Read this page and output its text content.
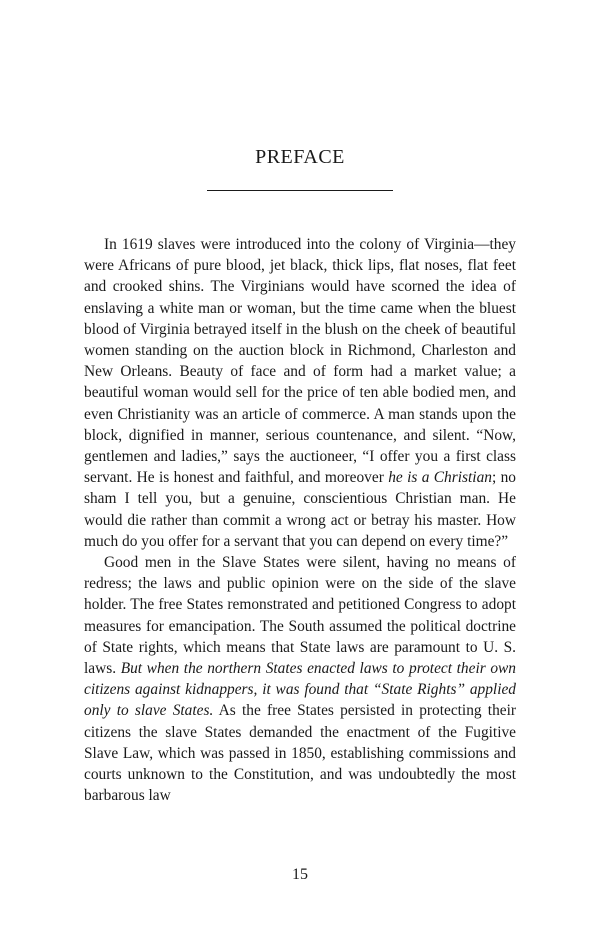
PREFACE

In 1619 slaves were introduced into the colony of Virginia—they were Africans of pure blood, jet black, thick lips, flat noses, flat feet and crooked shins. The Virginians would have scorned the idea of enslaving a white man or woman, but the time came when the bluest blood of Virginia betrayed itself in the blush on the cheek of beautiful women standing on the auction block in Richmond, Charleston and New Orleans. Beauty of face and of form had a market value; a beautiful woman would sell for the price of ten able bodied men, and even Christianity was an article of commerce. A man stands upon the block, dignified in manner, serious countenance, and silent. “Now, gentlemen and ladies,” says the auctioneer, “I offer you a first class servant. He is honest and faithful, and moreover he is a Christian; no sham I tell you, but a genuine, conscientious Christian man. He would die rather than commit a wrong act or betray his master. How much do you offer for a servant that you can depend on every time?”

Good men in the Slave States were silent, having no means of redress; the laws and public opinion were on the side of the slave holder. The free States remonstrated and petitioned Congress to adopt measures for emancipation. The South assumed the political doctrine of State rights, which means that State laws are paramount to U. S. laws. But when the northern States enacted laws to protect their own citizens against kidnappers, it was found that “State Rights” applied only to slave States. As the free States persisted in protecting their citizens the slave States demanded the enactment of the Fugitive Slave Law, which was passed in 1850, establishing commissions and courts unknown to the Constitution, and was undoubtedly the most barbarous law

15
